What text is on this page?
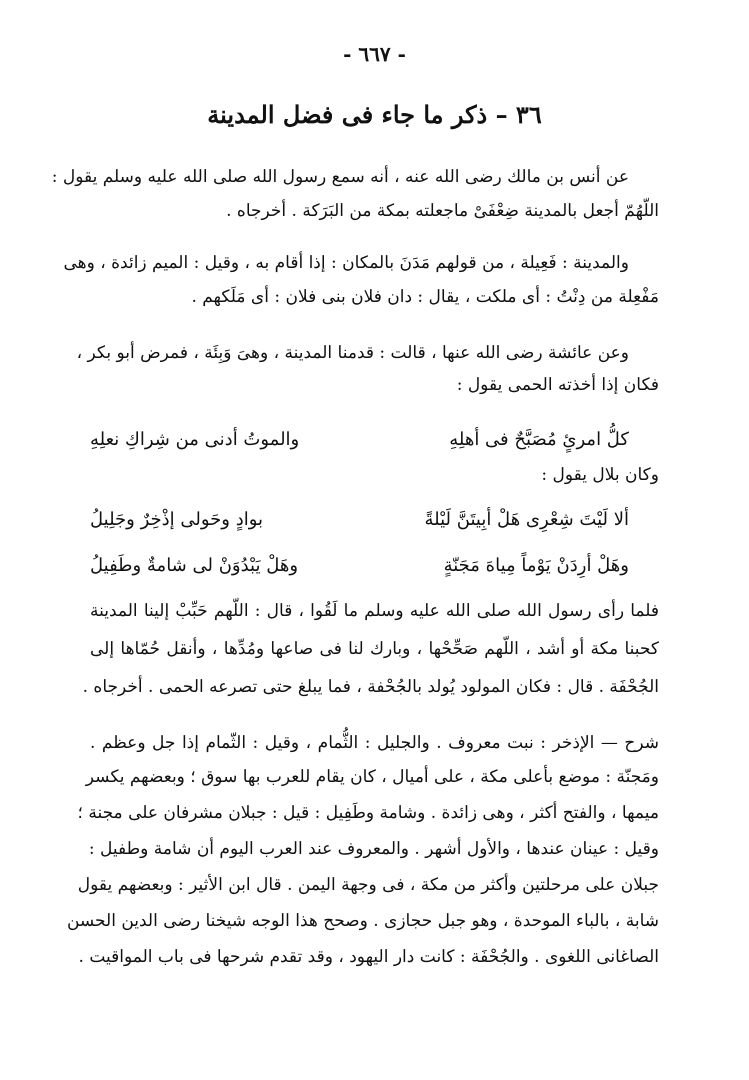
- ٦٦٧ -
٣٦ – ذكر ما جاء فى فضل المدينة
عن أنس بن مالك رضى الله عنه ، أنه سمع رسول الله صلى الله عليه وسلم يقول :
اللّهُمّ أجعل بالمدينة ضِعْفَىْ ماجعلته بمكة من البَرَكة . أخرجاه .
والمدينة : فَعِيلة ، من قولهم مَدَنَ بالمكان : إذا أقام به ، وقيل : الميم زائدة ، وهى
مَفْعِلة من دِنْتُ : أى ملكت ، يقال : دان فلان بنى فلان : أى مَلَكهم .
وعن عائشة رضى الله عنها ، قالت : قدمنا المدينة ، وهىَ وَبِئَة ، فمرض أبو بكر ،
فكان إذا أخذته الحمى يقول :
كلُّ امرئٍ مُصَبَّحٌ فى أهلِهِ
والموتُ أدنى من شِراكِ نعلِهِ
وكان بلال يقول :
ألا لَيْتَ شِعْرِى هَلْ أبِيتَنَّ لَيْلةً
بوادٍ وحَولى إذْخِرٌ وجَلِيلُ
وهَلْ أرِدَنْ يَوْماً مِياهَ مَجَنّةٍ
وهَلْ يَبْدُوَنْ لى شامةٌ وطَفِيلُ
فلما رأى رسول الله صلى الله عليه وسلم ما لَقُوا ، قال : اللّهم حَبِّبْ إلينا المدينة
كحبنا مكة أو أشد ، اللّهم صَحِّحْها ، وبارك لنا فى صاعها ومُدِّها ، وأنقل حُمّاها إلى
الجُحْفَة . قال : فكان المولود يُولد بالجُحْفة ، فما يبلغ حتى تصرعه الحمى . أخرجاه .
شرح — الإذخر : نبت معروف . والجليل : الثُّمام ، وقيل : الثّمام إذا جل وعظم .
ومَجنّة : موضع بأعلى مكة ، على أميال ، كان يقام للعرب بها سوق ؛ وبعضهم يكسر
ميمها ، والفتح أكثر ، وهى زائدة . وشامة وطَفِيل : قيل : جبلان مشرفان على مجنة ؛
وقيل : عينان عندها ، والأول أشهر . والمعروف عند العرب اليوم أن شامة وطفيل :
جبلان على مرحلتين وأكثر من مكة ، فى وجهة اليمن . قال ابن الأثير : وبعضهم يقول
شابة ، بالباء الموحدة ، وهو جبل حجازى . وصحح هذا الوجه شيخنا رضى الدين الحسن
الصاغانى اللغوى . والجُحْفَة : كانت دار اليهود ، وقد تقدم شرحها فى باب المواقيت .
